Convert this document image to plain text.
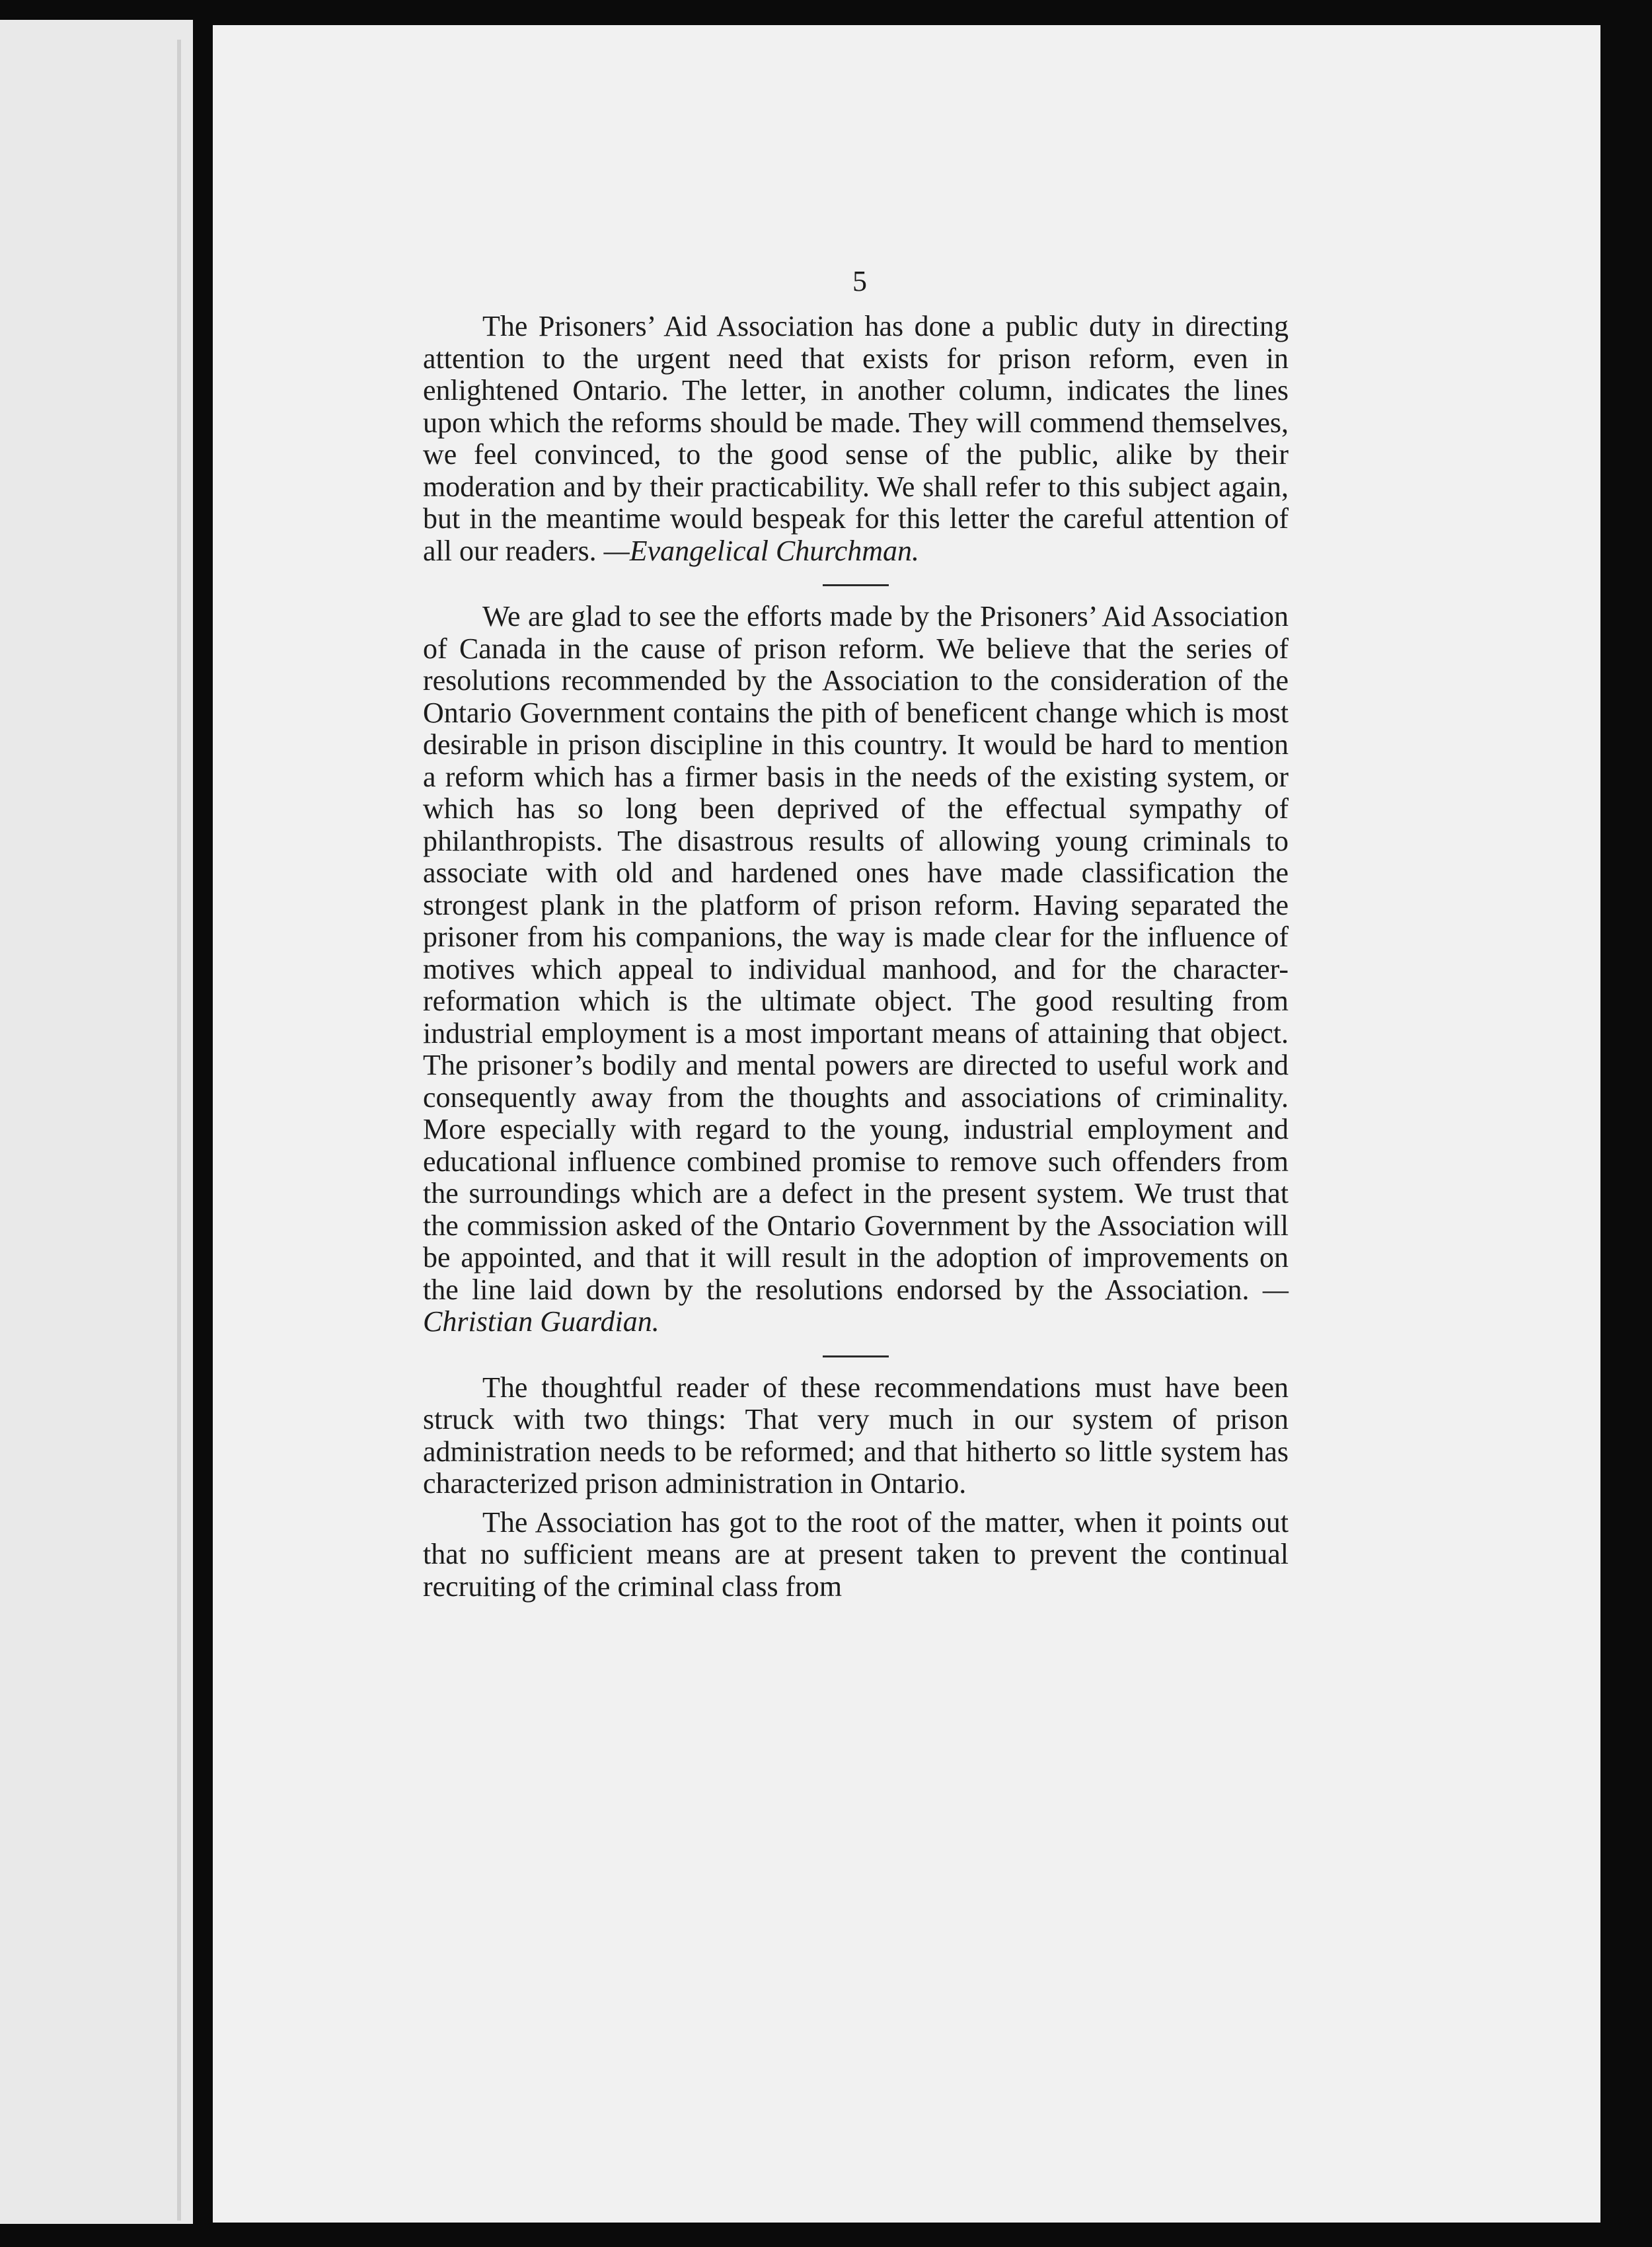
5

The Prisoners’ Aid Association has done a public duty in directing attention to the urgent need that exists for prison reform, even in enlightened Ontario. The letter, in another column, indicates the lines upon which the reforms should be made. They will commend themselves, we feel convinced, to the good sense of the public, alike by their moderation and by their practicability. We shall refer to this subject again, but in the meantime would bespeak for this letter the careful attention of all our readers. —Evangelical Churchman.

We are glad to see the efforts made by the Prisoners’ Aid Association of Canada in the cause of prison reform. We believe that the series of resolutions recommended by the Association to the consideration of the Ontario Government contains the pith of beneficent change which is most desirable in prison discipline in this country. It would be hard to mention a reform which has a firmer basis in the needs of the existing system, or which has so long been deprived of the effectual sympathy of philanthropists. The disastrous results of allowing young criminals to associate with old and hardened ones have made classification the strongest plank in the platform of prison reform. Having separated the prisoner from his companions, the way is made clear for the influence of motives which appeal to individual manhood, and for the character-reformation which is the ultimate object. The good resulting from industrial employment is a most important means of attaining that object. The prisoner’s bodily and mental powers are directed to useful work and consequently away from the thoughts and associations of criminality. More especially with regard to the young, industrial employment and educational influence combined promise to remove such offenders from the surroundings which are a defect in the present system. We trust that the commission asked of the Ontario Government by the Association will be appointed, and that it will result in the adoption of improvements on the line laid down by the resolutions endorsed by the Association. —Christian Guardian.

The thoughtful reader of these recommendations must have been struck with two things: That very much in our system of prison administration needs to be reformed; and that hitherto so little system has characterized prison administration in Ontario.

The Association has got to the root of the matter, when it points out that no sufficient means are at present taken to prevent the continual recruiting of the criminal class from
